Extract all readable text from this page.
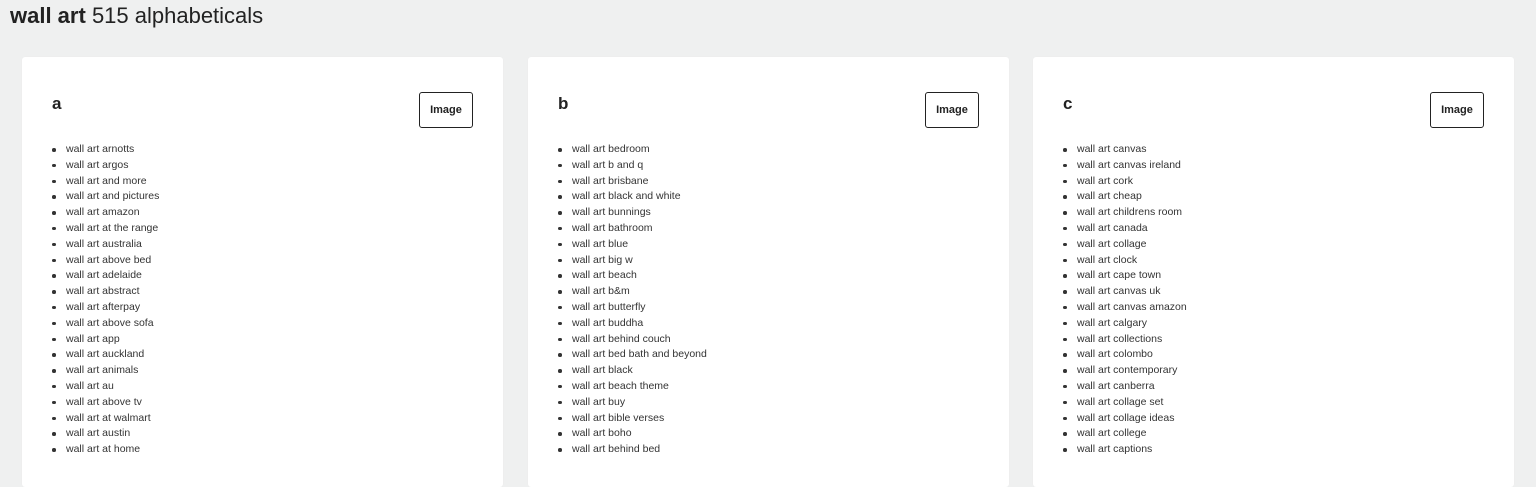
wall art 515 alphabeticals
a	Image
wall art arnotts
wall art argos
wall art and more
wall art and pictures
wall art amazon
wall art at the range
wall art australia
wall art above bed
wall art adelaide
wall art abstract
wall art afterpay
wall art above sofa
wall art app
wall art auckland
wall art animals
wall art au
wall art above tv
wall art at walmart
wall art austin
wall art at home
b	Image
wall art bedroom
wall art b and q
wall art brisbane
wall art black and white
wall art bunnings
wall art bathroom
wall art blue
wall art big w
wall art beach
wall art b&m
wall art butterfly
wall art buddha
wall art behind couch
wall art bed bath and beyond
wall art black
wall art beach theme
wall art buy
wall art bible verses
wall art boho
wall art behind bed
c	Image
wall art canvas
wall art canvas ireland
wall art cork
wall art cheap
wall art childrens room
wall art canada
wall art collage
wall art clock
wall art cape town
wall art canvas uk
wall art canvas amazon
wall art calgary
wall art collections
wall art colombo
wall art contemporary
wall art canberra
wall art collage set
wall art collage ideas
wall art college
wall art captions
